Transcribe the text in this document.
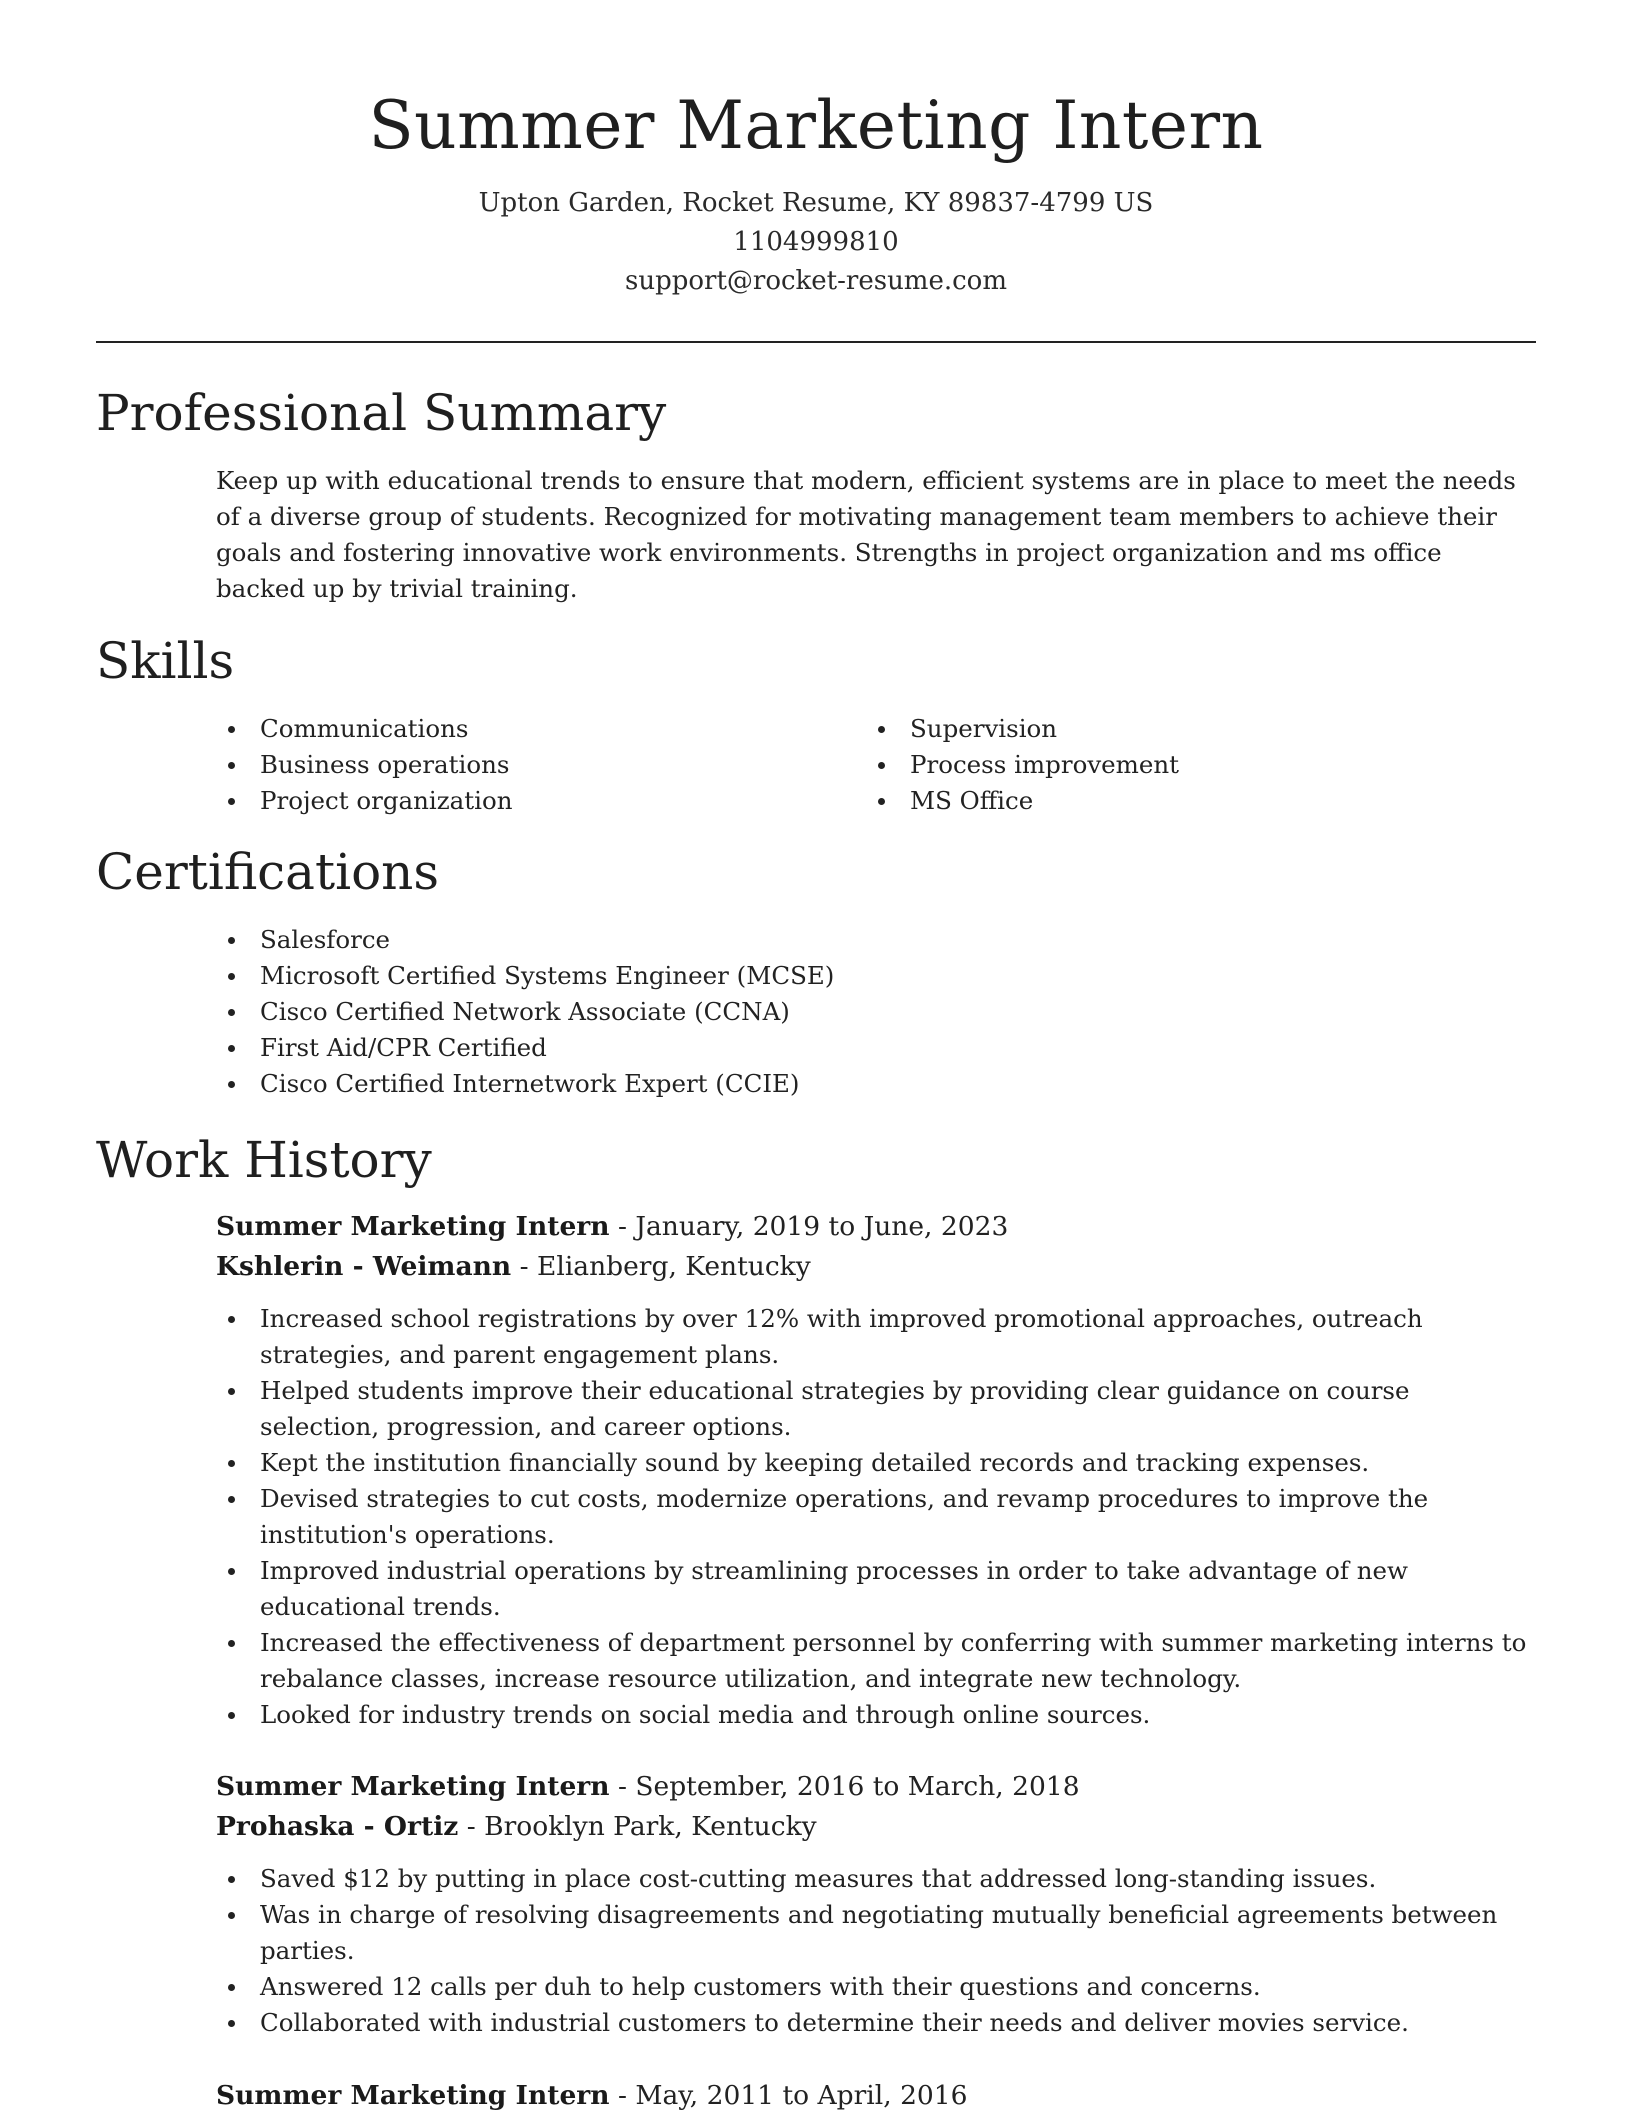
Summer Marketing Intern
Upton Garden, Rocket Resume, KY 89837-4799 US
1104999810
support@rocket-resume.com
Professional Summary

Keep up with educational trends to ensure that modern, efficient systems are in place to meet the needs of a diverse group of students. Recognized for motivating management team members to achieve their goals and fostering innovative work environments. Strengths in project organization and ms office backed up by trivial training.

Skills
Communications
Business operations
Project organization
Supervision
Process improvement
MS Office
Certifications
Salesforce
Microsoft Certified Systems Engineer (MCSE)
Cisco Certified Network Associate (CCNA)
First Aid/CPR Certified
Cisco Certified Internetwork Expert (CCIE)
Work History
Summer Marketing Intern - January, 2019 to June, 2023
Kshlerin - Weimann - Elianberg, Kentucky
Increased school registrations by over 12% with improved promotional approaches, outreach strategies, and parent engagement plans.
Helped students improve their educational strategies by providing clear guidance on course selection, progression, and career options.
Kept the institution financially sound by keeping detailed records and tracking expenses.
Devised strategies to cut costs, modernize operations, and revamp procedures to improve the institution's operations.
Improved industrial operations by streamlining processes in order to take advantage of new educational trends.
Increased the effectiveness of department personnel by conferring with summer marketing interns to rebalance classes, increase resource utilization, and integrate new technology.
Looked for industry trends on social media and through online sources.
Summer Marketing Intern - September, 2016 to March, 2018
Prohaska - Ortiz - Brooklyn Park, Kentucky
Saved $12 by putting in place cost-cutting measures that addressed long-standing issues.
Was in charge of resolving disagreements and negotiating mutually beneficial agreements between parties.
Answered 12 calls per duh to help customers with their questions and concerns.
Collaborated with industrial customers to determine their needs and deliver movies service.
Summer Marketing Intern - May, 2011 to April, 2016
